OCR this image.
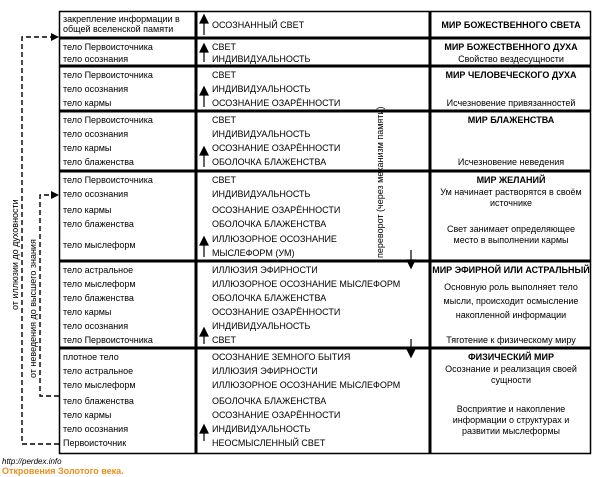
от иллюзии до духовности от неведения до высшего знания
переворот (через механизм памяти)
закрепление информации в общей вселенской памяти	ОСОЗНАННЫЙ СВЕТ	МИР БОЖЕСТВЕННОГО СВЕТА
тело Первоисточника
тело осознания
СВЕТ
ИНДИВИДУАЛЬНОСТЬ
МИР БОЖЕСТВЕННОГО ДУХА
Свойство вездесущности
тело Первоисточника
тело осознания
тело кармы
СВЕТ
ИНДИВИДУАЛЬНОСТЬ
ОСОЗНАНИЕ ОЗАРЁННОСТИ
МИР ЧЕЛОВЕЧЕСКОГО ДУХА
Исчезновение привязанностей
тело Первоисточника
тело осознания
тело кармы
тело блаженства
СВЕТ
ИНДИВИДУАЛЬНОСТЬ
ОСОЗНАНИЕ ОЗАРЁННОСТИ
ОБОЛОЧКА БЛАЖЕНСТВА
МИР БЛАЖЕНСТВА
Исчезновение неведения
тело Первоисточника
тело осознания
тело кармы
тело блаженства
тело мыслеформ
СВЕТ
ИНДИВИДУАЛЬНОСТЬ
ОСОЗНАНИЕ ОЗАРЁННОСТИ
ОБОЛОЧКА БЛАЖЕНСТВА
ИЛЛЮЗОРНОЕ ОСОЗНАНИЕ
МЫСЛЕФОРМ (УМ)
МИР ЖЕЛАНИЙ
Ум начинает растворятся в своём источнике
Свет занимает определяющее место в выполнении кармы
тело астральное
тело мыслеформ
тело блаженства
тело кармы
тело осознания
тело Первоисточника
ИЛЛЮЗИЯ ЭФИРНОСТИ
ИЛЛЮЗОРНОЕ ОСОЗНАНИЕ МЫСЛЕФОРМ
ОБОЛОЧКА БЛАЖЕНСТВА
ОСОЗНАНИЕ ОЗАРЁННОСТИ
ИНДИВИДУАЛЬНОСТЬ
СВЕТ
МИР ЭФИРНОЙ ИЛИ АСТРАЛЬНЫЙ
Основную роль выполняет тело мысли, происходит осмысление накопленной информации
Тяготение к физическому миру
плотное тело
тело астральное
тело мыслеформ
тело блаженства
тело кармы
тело осознания
Первоисточник
ОСОЗНАНИЕ ЗЕМНОГО БЫТИЯ
ИЛЛЮЗИЯ ЭФИРНОСТИ
ИЛЛЮЗОРНОЕ ОСОЗНАНИЕ МЫСЛЕФОРМ
ОБОЛОЧКА БЛАЖЕНСТВА
ОСОЗНАНИЕ ОЗАРЁННОСТИ
ИНДИВИДУАЛЬНОСТЬ
НЕОСМЫСЛЕННЫЙ СВЕТ
ФИЗИЧЕСКИЙ МИР
Осознание и реализация своей сущности
Восприятие и накопление информации о структурах и развитии мыслеформы
http://perdex.info
Откровения Золотого века.
